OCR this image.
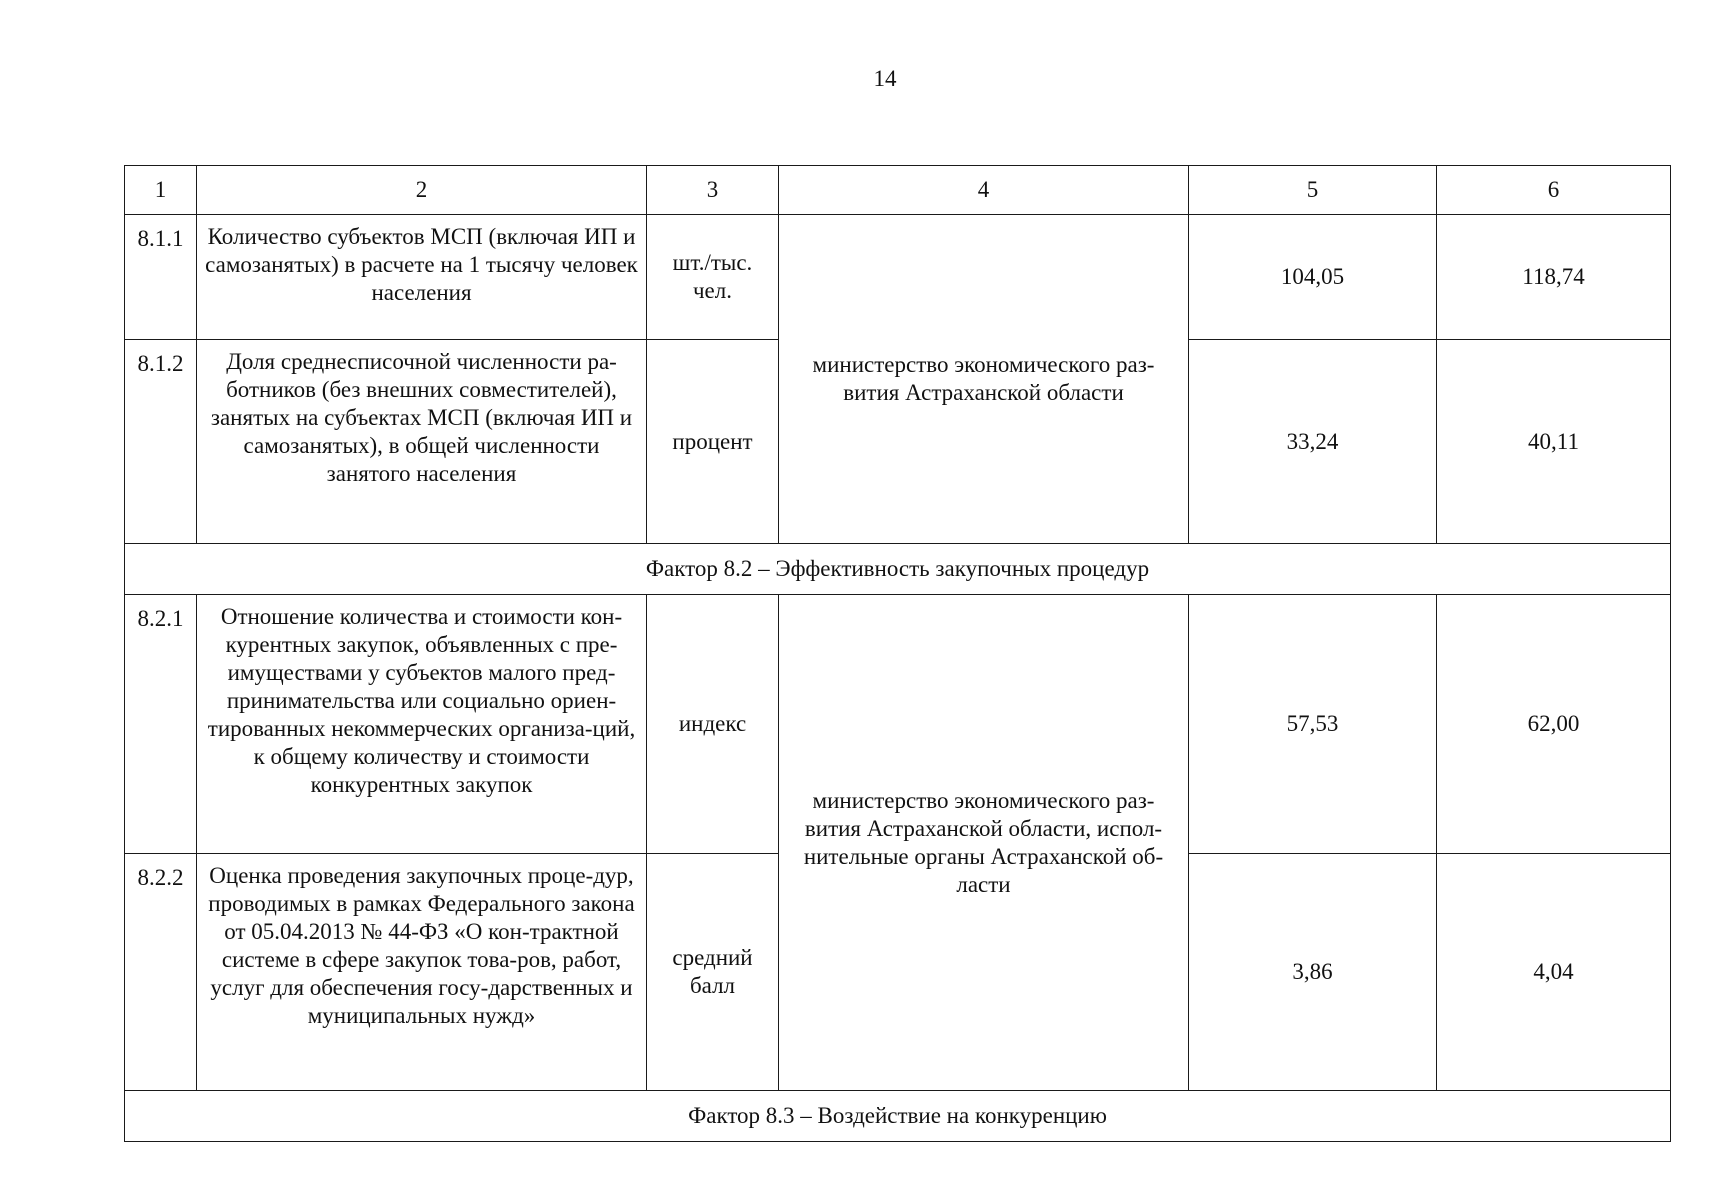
14
1	2	3	4	5	6
8.1.1	Количество субъектов МСП (включая ИП и самозанятых) в расчете на 1 тысячу человек населения	шт./тыс. чел.	министерство экономического раз-вития Астраханской области	104,05	118,74
8.1.2	Доля среднесписочной численности ра-ботников (без внешних совместителей), занятых на субъектах МСП (включая ИП и самозанятых), в общей численности занятого населения	процент		33,24	40,11
Фактор 8.2 – Эффективность закупочных процедур					
8.2.1	Отношение количества и стоимости кон-курентных закупок, объявленных с пре-имуществами у субъектов малого пред-принимательства или социально ориен-тированных некоммерческих организа-ций, к общему количеству и стоимости конкурентных закупок	индекс	министерство экономического раз-вития Астраханской области, испол-нительные органы Астраханской об-ласти	57,53	62,00
8.2.2	Оценка проведения закупочных проце-дур, проводимых в рамках Федерального закона от 05.04.2013 № 44-ФЗ «О кон-трактной системе в сфере закупок това-ров, работ, услуг для обеспечения госу-дарственных и муниципальных нужд»	средний балл		3,86	4,04
Фактор 8.3 – Воздействие на конкуренцию					
